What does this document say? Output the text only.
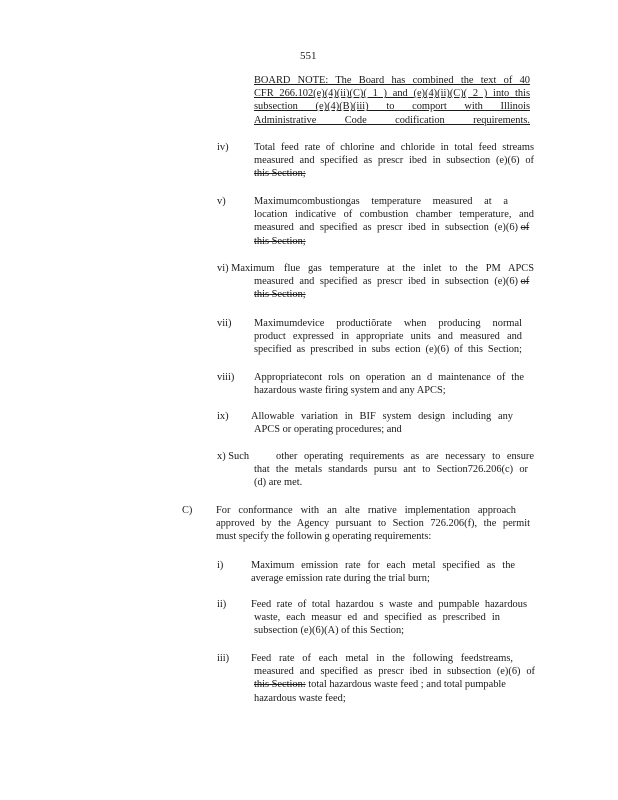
551
BOARD NOTE: The Board has combined the text of 40
CFR 266.102(e)(4)(ii)(C)( 1 ) and (e)(4)(ii)(C)( 2 ) into this
subsection (e)(4)(B)(iii) to comport with Illinois
Administrative Code codification requirements.
iv) Total feed rate of chlorine and chloride in total feed streams
measured and specified as prescr ibed in subsection (e)(6) of
this Section;
v)	Maximumcombustiongas temperature measured at a
location indicative of combustion chamber temperature, and
measured and specified as prescr ibed in subsection (e)(6) of
this Section;
vi) Maximum flue gas temperature at the inlet to the PM APCS
measured and specified as prescr ibed in subsection (e)(6) of
this Section;
vii) Maximumdevice productiõrate when producing normal
product expressed in appropriate units and measured and
specified as prescribed in subs ection (e)(6) of this Section;
viii) Appropriatecont rols on operation an d maintenance of the
hazardous waste firing system and any APCS;
ix) Allowable variation in BIF system design including any
APCS or operating procedures; and
x) Such	other operating requirements as are necessary to ensure
that the metals standards pursu ant to Section726.206(c) or
(d) are met.
C) For conformance with an alte rnative implementation approach
approved by the Agency pursuant to Section 726.206(f), the permit
must specify the followin g operating requirements:
i)	Maximum emission rate for each metal specified as the
average emission rate during the trial burn;
ii) Feed rate of total hazardou s waste and pumpable hazardous
waste, each measur ed and specified as prescribed in
subsection (e)(6)(A) of this Section;
iii) Feed rate of each metal in the following feedstreams,
measured and specified as prescr ibed in subsection (e)(6) of
this Section: total hazardous waste feed ; and total pumpable
hazardous waste feed;
